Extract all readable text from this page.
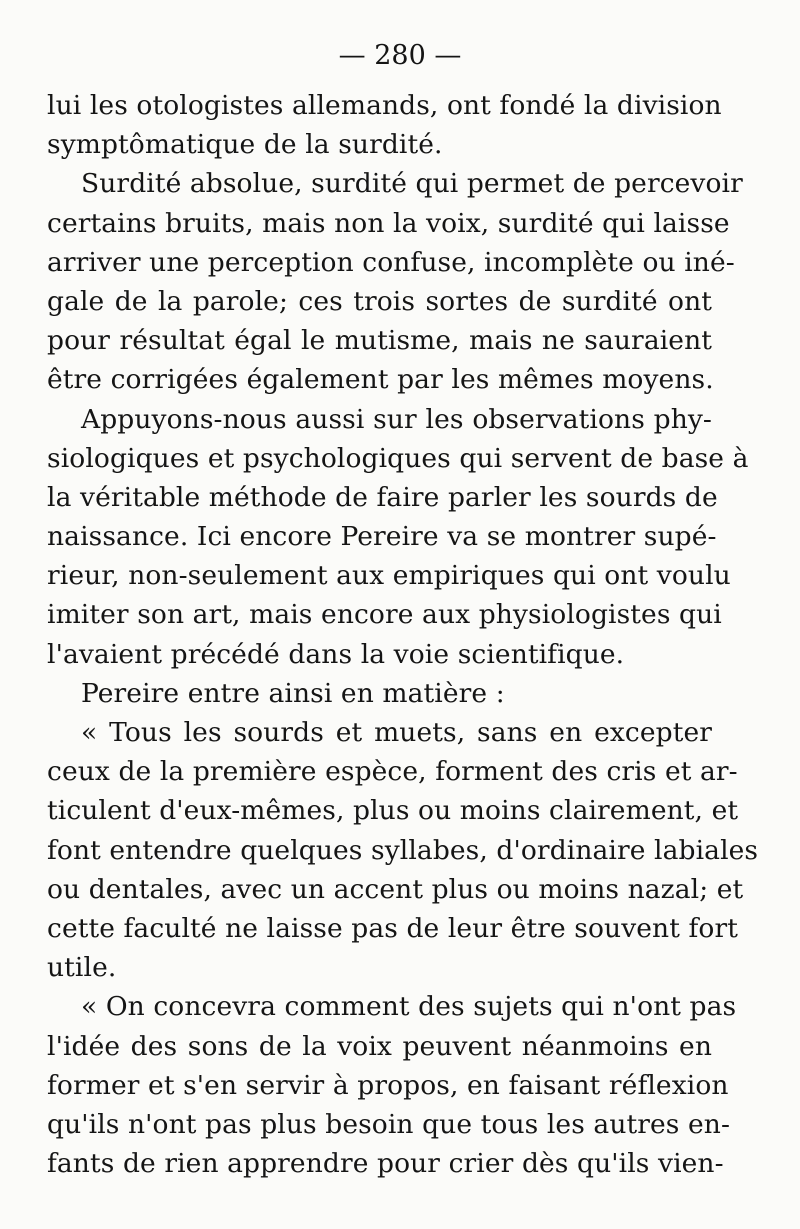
— 280 —
lui les otologistes allemands, ont fondé la division
symptômatique de la surdité.
Surdité absolue, surdité qui permet de percevoir
certains bruits, mais non la voix, surdité qui laisse
arriver une perception confuse, incomplète ou iné-
gale de la parole; ces trois sortes de surdité ont
pour résultat égal le mutisme, mais ne sauraient
être corrigées également par les mêmes moyens.
Appuyons-nous aussi sur les observations phy-
siologiques et psychologiques qui servent de base à
la véritable méthode de faire parler les sourds de
naissance. Ici encore Pereire va se montrer supé-
rieur, non-seulement aux empiriques qui ont voulu
imiter son art, mais encore aux physiologistes qui
l'avaient précédé dans la voie scientifique.
Pereire entre ainsi en matière :
« Tous les sourds et muets, sans en excepter
ceux de la première espèce, forment des cris et ar-
ticulent d'eux-mêmes, plus ou moins clairement, et
font entendre quelques syllabes, d'ordinaire labiales
ou dentales, avec un accent plus ou moins nazal; et
cette faculté ne laisse pas de leur être souvent fort
utile.
« On concevra comment des sujets qui n'ont pas
l'idée des sons de la voix peuvent néanmoins en
former et s'en servir à propos, en faisant réflexion
qu'ils n'ont pas plus besoin que tous les autres en-
fants de rien apprendre pour crier dès qu'ils vien-
